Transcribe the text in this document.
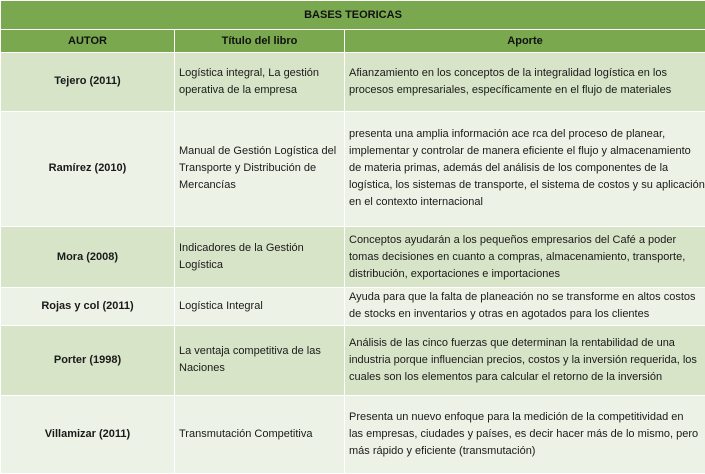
BASES TEORICAS		
AUTOR	Título del libro	Aporte
Tejero (2011)	Logística integral, La gestión operativa de la empresa	Afianzamiento en los conceptos de la integralidad logística en los
procesos empresariales, específicamente en el flujo de materiales

Ramírez (2010)	Manual de Gestión Logística del Transporte y Distribución de Mercancías	presenta una amplia información ace rca del proceso de planear,
implementar y controlar de manera eficiente el flujo y almacenamiento
de materia primas, además del análisis de los componentes de la
logística, los sistemas de transporte, el sistema de costos y su aplicación
en el contexto internacional

Mora (2008)	Indicadores de la Gestión Logística	Conceptos ayudarán a los pequeños empresarios del Café a poder
tomas decisiones en cuanto a compras, almacenamiento, transporte,
distribución, exportaciones e importaciones

Rojas y col (2011)	Logística Integral	Ayuda para que la falta de planeación no se transforme en altos costos
de stocks en inventarios y otras en agotados para los clientes

Porter (1998)	La ventaja competitiva de las Naciones	Análisis de las cinco fuerzas que determinan la rentabilidad de una
industria porque influencian precios, costos y la inversión requerida, los
cuales son los elementos para calcular el retorno de la inversión

Villamizar (2011)	Transmutación Competitiva	Presenta un nuevo enfoque para la medición de la competitividad en
las empresas, ciudades y países, es decir hacer más de lo mismo, pero
más rápido y eficiente (transmutación)
